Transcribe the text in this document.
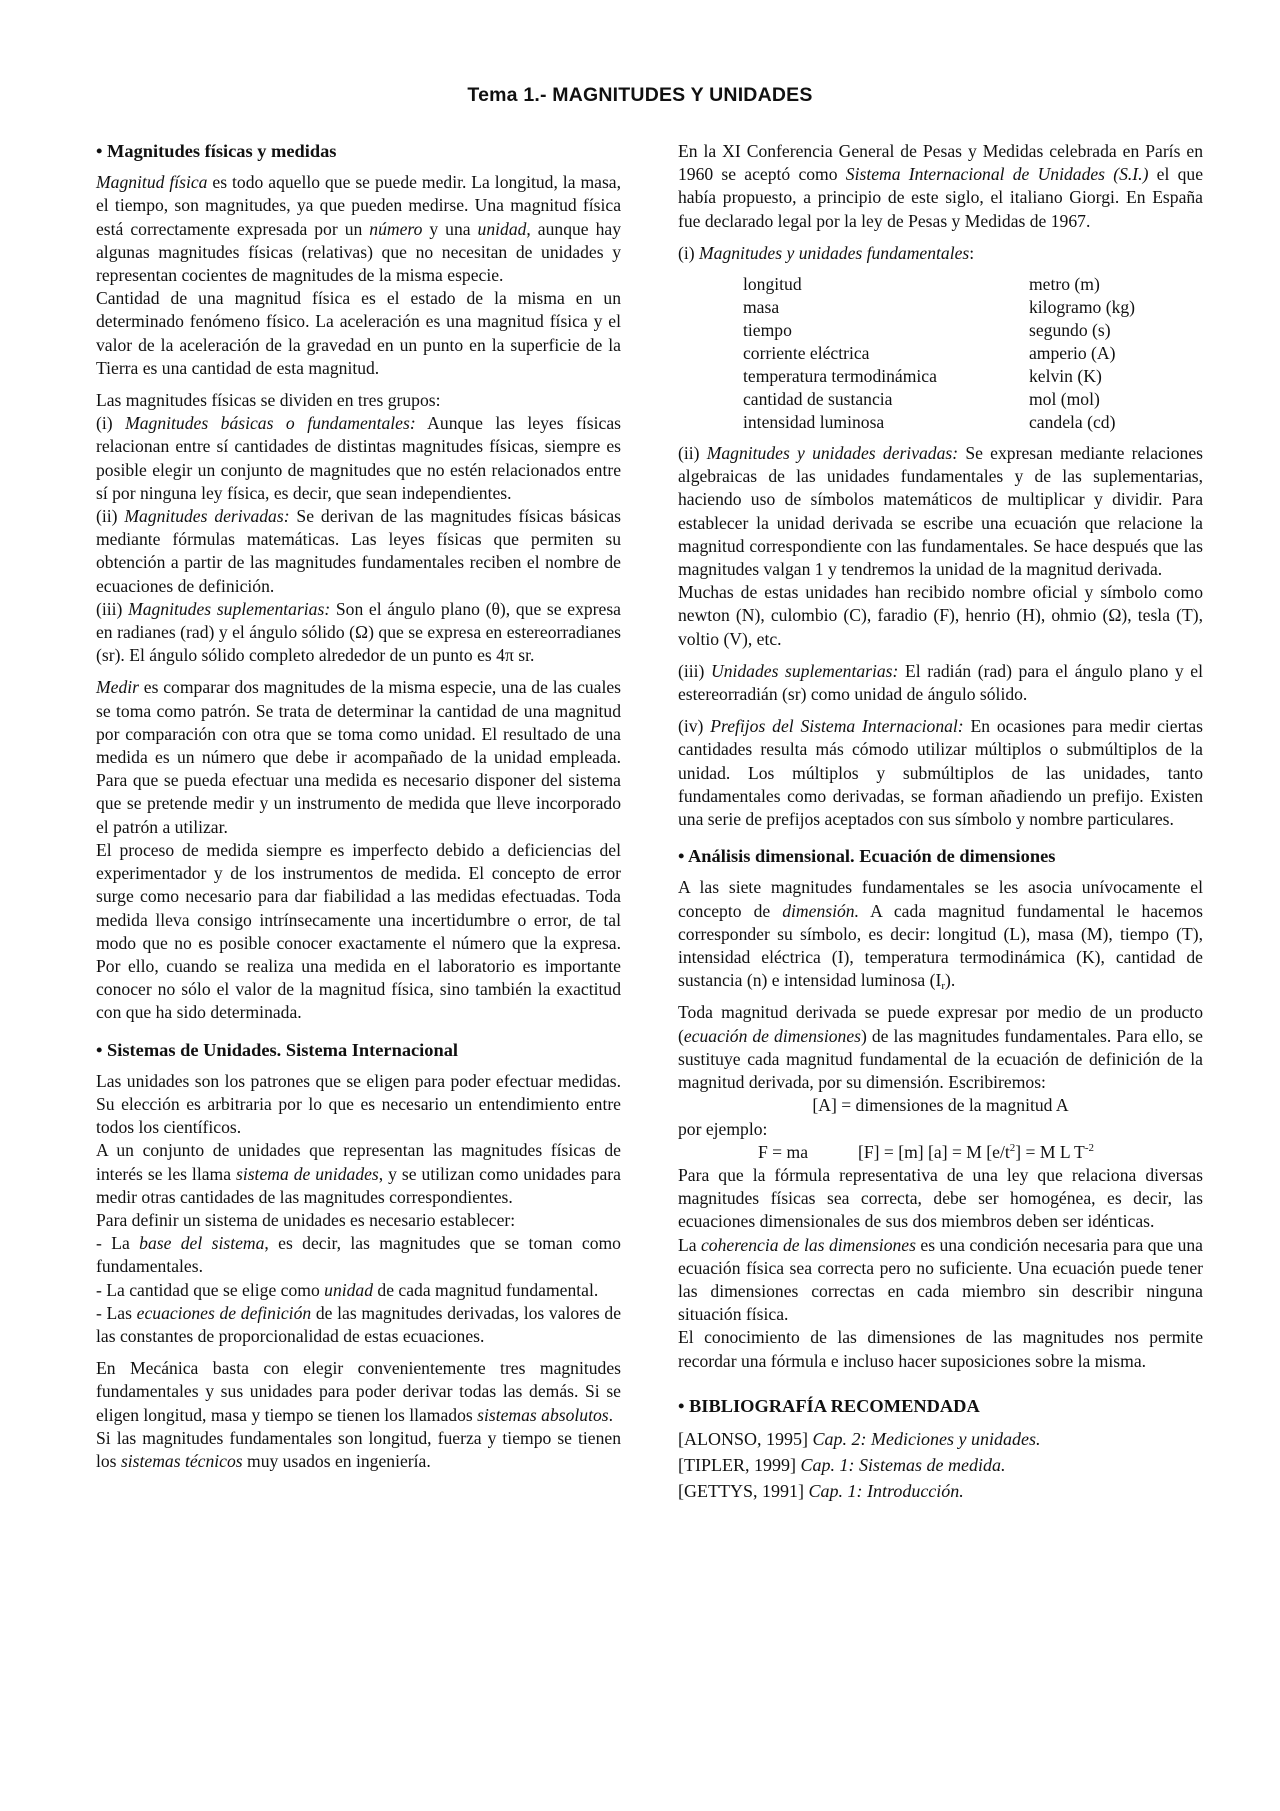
Tema 1.- MAGNITUDES Y UNIDADES
• Magnitudes físicas y medidas

Magnitud física es todo aquello que se puede medir. La longitud, la masa, el tiempo, son magnitudes, ya que pueden medirse. Una magnitud física está correctamente expresada por un número y una unidad, aunque hay algunas magnitudes físicas (relativas) que no necesitan de unidades y representan cocientes de magnitudes de la misma especie.

Cantidad de una magnitud física es el estado de la misma en un determinado fenómeno físico. La aceleración es una magnitud física y el valor de la aceleración de la gravedad en un punto en la superficie de la Tierra es una cantidad de esta magnitud.

Las magnitudes físicas se dividen en tres grupos:

(i) Magnitudes básicas o fundamentales: Aunque las leyes físicas relacionan entre sí cantidades de distintas magnitudes físicas, siempre es posible elegir un conjunto de magnitudes que no estén relacionados entre sí por ninguna ley física, es decir, que sean independientes.

(ii) Magnitudes derivadas: Se derivan de las magnitudes físicas básicas mediante fórmulas matemáticas. Las leyes físicas que permiten su obtención a partir de las magnitudes fundamentales reciben el nombre de ecuaciones de definición.

(iii) Magnitudes suplementarias: Son el ángulo plano (θ), que se expresa en radianes (rad) y el ángulo sólido (Ω) que se expresa en estereorradianes (sr). El ángulo sólido completo alrededor de un punto es 4π sr.

Medir es comparar dos magnitudes de la misma especie, una de las cuales se toma como patrón. Se trata de determinar la cantidad de una magnitud por comparación con otra que se toma como unidad. El resultado de una medida es un número que debe ir acompañado de la unidad empleada. Para que se pueda efectuar una medida es necesario disponer del sistema que se pretende medir y un instrumento de medida que lleve incorporado el patrón a utilizar.

El proceso de medida siempre es imperfecto debido a deficiencias del experimentador y de los instrumentos de medida. El concepto de error surge como necesario para dar fiabilidad a las medidas efectuadas. Toda medida lleva consigo intrínsecamente una incertidumbre o error, de tal modo que no es posible conocer exactamente el número que la expresa. Por ello, cuando se realiza una medida en el laboratorio es importante conocer no sólo el valor de la magnitud física, sino también la exactitud con que ha sido determinada.

• Sistemas de Unidades. Sistema Internacional

Las unidades son los patrones que se eligen para poder efectuar medidas. Su elección es arbitraria por lo que es necesario un entendimiento entre todos los científicos.

A un conjunto de unidades que representan las magnitudes físicas de interés se les llama sistema de unidades, y se utilizan como unidades para medir otras cantidades de las magnitudes correspondientes.

Para definir un sistema de unidades es necesario establecer:

- La base del sistema, es decir, las magnitudes que se toman como fundamentales.

- La cantidad que se elige como unidad de cada magnitud fundamental.

- Las ecuaciones de definición de las magnitudes derivadas, los valores de las constantes de proporcionalidad de estas ecuaciones.

En Mecánica basta con elegir convenientemente tres magnitudes fundamentales y sus unidades para poder derivar todas las demás. Si se eligen longitud, masa y tiempo se tienen los llamados sistemas absolutos.

Si las magnitudes fundamentales son longitud, fuerza y tiempo se tienen los sistemas técnicos muy usados en ingeniería.

En la XI Conferencia General de Pesas y Medidas celebrada en París en 1960 se aceptó como Sistema Internacional de Unidades (S.I.) el que había propuesto, a principio de este siglo, el italiano Giorgi. En España fue declarado legal por la ley de Pesas y Medidas de 1967.

(i) Magnitudes y unidades fundamentales:

longitud	metro (m)
masa	kilogramo (kg)
tiempo	segundo (s)
corriente eléctrica	amperio (A)
temperatura termodinámica	kelvin (K)
cantidad de sustancia	mol (mol)
intensidad luminosa	candela (cd)

(ii) Magnitudes y unidades derivadas: Se expresan mediante relaciones algebraicas de las unidades fundamentales y de las suplementarias, haciendo uso de símbolos matemáticos de multiplicar y dividir. Para establecer la unidad derivada se escribe una ecuación que relacione la magnitud correspondiente con las fundamentales. Se hace después que las magnitudes valgan 1 y tendremos la unidad de la magnitud derivada.

Muchas de estas unidades han recibido nombre oficial y símbolo como newton (N), culombio (C), faradio (F), henrio (H), ohmio (Ω), tesla (T), voltio (V), etc.

(iii) Unidades suplementarias: El radián (rad) para el ángulo plano y el estereorradián (sr) como unidad de ángulo sólido.

(iv) Prefijos del Sistema Internacional: En ocasiones para medir ciertas cantidades resulta más cómodo utilizar múltiplos o submúltiplos de la unidad. Los múltiplos y submúltiplos de las unidades, tanto fundamentales como derivadas, se forman añadiendo un prefijo. Existen una serie de prefijos aceptados con sus símbolo y nombre particulares.

• Análisis dimensional. Ecuación de dimensiones

A las siete magnitudes fundamentales se les asocia unívocamente el concepto de dimensión. A cada magnitud fundamental le hacemos corresponder su símbolo, es decir: longitud (L), masa (M), tiempo (T), intensidad eléctrica (I), temperatura termodinámica (K), cantidad de sustancia (n) e intensidad luminosa $(I_r)$.

Toda magnitud derivada se puede expresar por medio de un producto (ecuación de dimensiones) de las magnitudes fundamentales. Para ello, se sustituye cada magnitud fundamental de la ecuación de definición de la magnitud derivada, por su dimensión. Escribiremos:

[A] = dimensiones de la magnitud A

por ejemplo:

F = ma	[F] = [m] [a] = M $[e/t^2] = M$ L $T^{-2}$

Para que la fórmula representativa de una ley que relaciona diversas magnitudes físicas sea correcta, debe ser homogénea, es decir, las ecuaciones dimensionales de sus dos miembros deben ser idénticas.

La coherencia de las dimensiones es una condición necesaria para que una ecuación física sea correcta pero no suficiente. Una ecuación puede tener las dimensiones correctas en cada miembro sin describir ninguna situación física.

El conocimiento de las dimensiones de las magnitudes nos permite recordar una fórmula e incluso hacer suposiciones sobre la misma.

• BIBLIOGRAFÍA RECOMENDADA

[ALONSO, 1995] Cap. 2: Mediciones y unidades.

[TIPLER, 1999] Cap. 1: Sistemas de medida.

[GETTYS, 1991] Cap. 1: Introducción.
